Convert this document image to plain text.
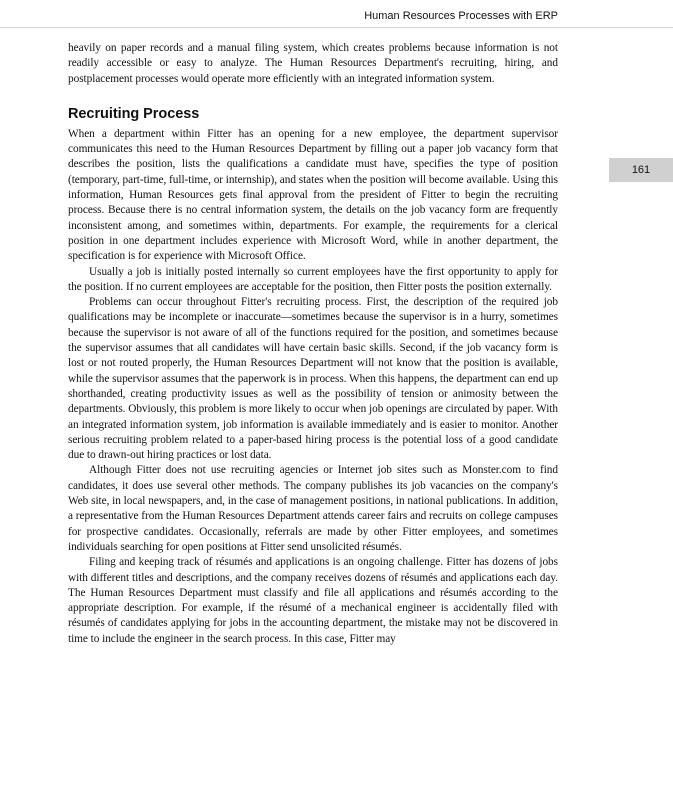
Human Resources Processes with ERP
161

heavily on paper records and a manual filing system, which creates problems because information is not readily accessible or easy to analyze. The Human Resources Department's recruiting, hiring, and postplacement processes would operate more efficiently with an integrated information system.

Recruiting Process

When a department within Fitter has an opening for a new employee, the department supervisor communicates this need to the Human Resources Department by filling out a paper job vacancy form that describes the position, lists the qualifications a candidate must have, specifies the type of position (temporary, part-time, full-time, or internship), and states when the position will become available. Using this information, Human Resources gets final approval from the president of Fitter to begin the recruiting process. Because there is no central information system, the details on the job vacancy form are frequently inconsistent among, and sometimes within, departments. For example, the requirements for a clerical position in one department includes experience with Microsoft Word, while in another department, the specification is for experience with Microsoft Office.

Usually a job is initially posted internally so current employees have the first opportunity to apply for the position. If no current employees are acceptable for the position, then Fitter posts the position externally.

Problems can occur throughout Fitter's recruiting process. First, the description of the required job qualifications may be incomplete or inaccurate—sometimes because the supervisor is in a hurry, sometimes because the supervisor is not aware of all of the functions required for the position, and sometimes because the supervisor assumes that all candidates will have certain basic skills. Second, if the job vacancy form is lost or not routed properly, the Human Resources Department will not know that the position is available, while the supervisor assumes that the paperwork is in process. When this happens, the department can end up shorthanded, creating productivity issues as well as the possibility of tension or animosity between the departments. Obviously, this problem is more likely to occur when job openings are circulated by paper. With an integrated information system, job information is available immediately and is easier to monitor. Another serious recruiting problem related to a paper-based hiring process is the potential loss of a good candidate due to drawn-out hiring practices or lost data.

Although Fitter does not use recruiting agencies or Internet job sites such as Monster.com to find candidates, it does use several other methods. The company publishes its job vacancies on the company's Web site, in local newspapers, and, in the case of management positions, in national publications. In addition, a representative from the Human Resources Department attends career fairs and recruits on college campuses for prospective candidates. Occasionally, referrals are made by other Fitter employees, and sometimes individuals searching for open positions at Fitter send unsolicited résumés.

Filing and keeping track of résumés and applications is an ongoing challenge. Fitter has dozens of jobs with different titles and descriptions, and the company receives dozens of résumés and applications each day. The Human Resources Department must classify and file all applications and résumés according to the appropriate description. For example, if the résumé of a mechanical engineer is accidentally filed with résumés of candidates applying for jobs in the accounting department, the mistake may not be discovered in time to include the engineer in the search process. In this case, Fitter may
